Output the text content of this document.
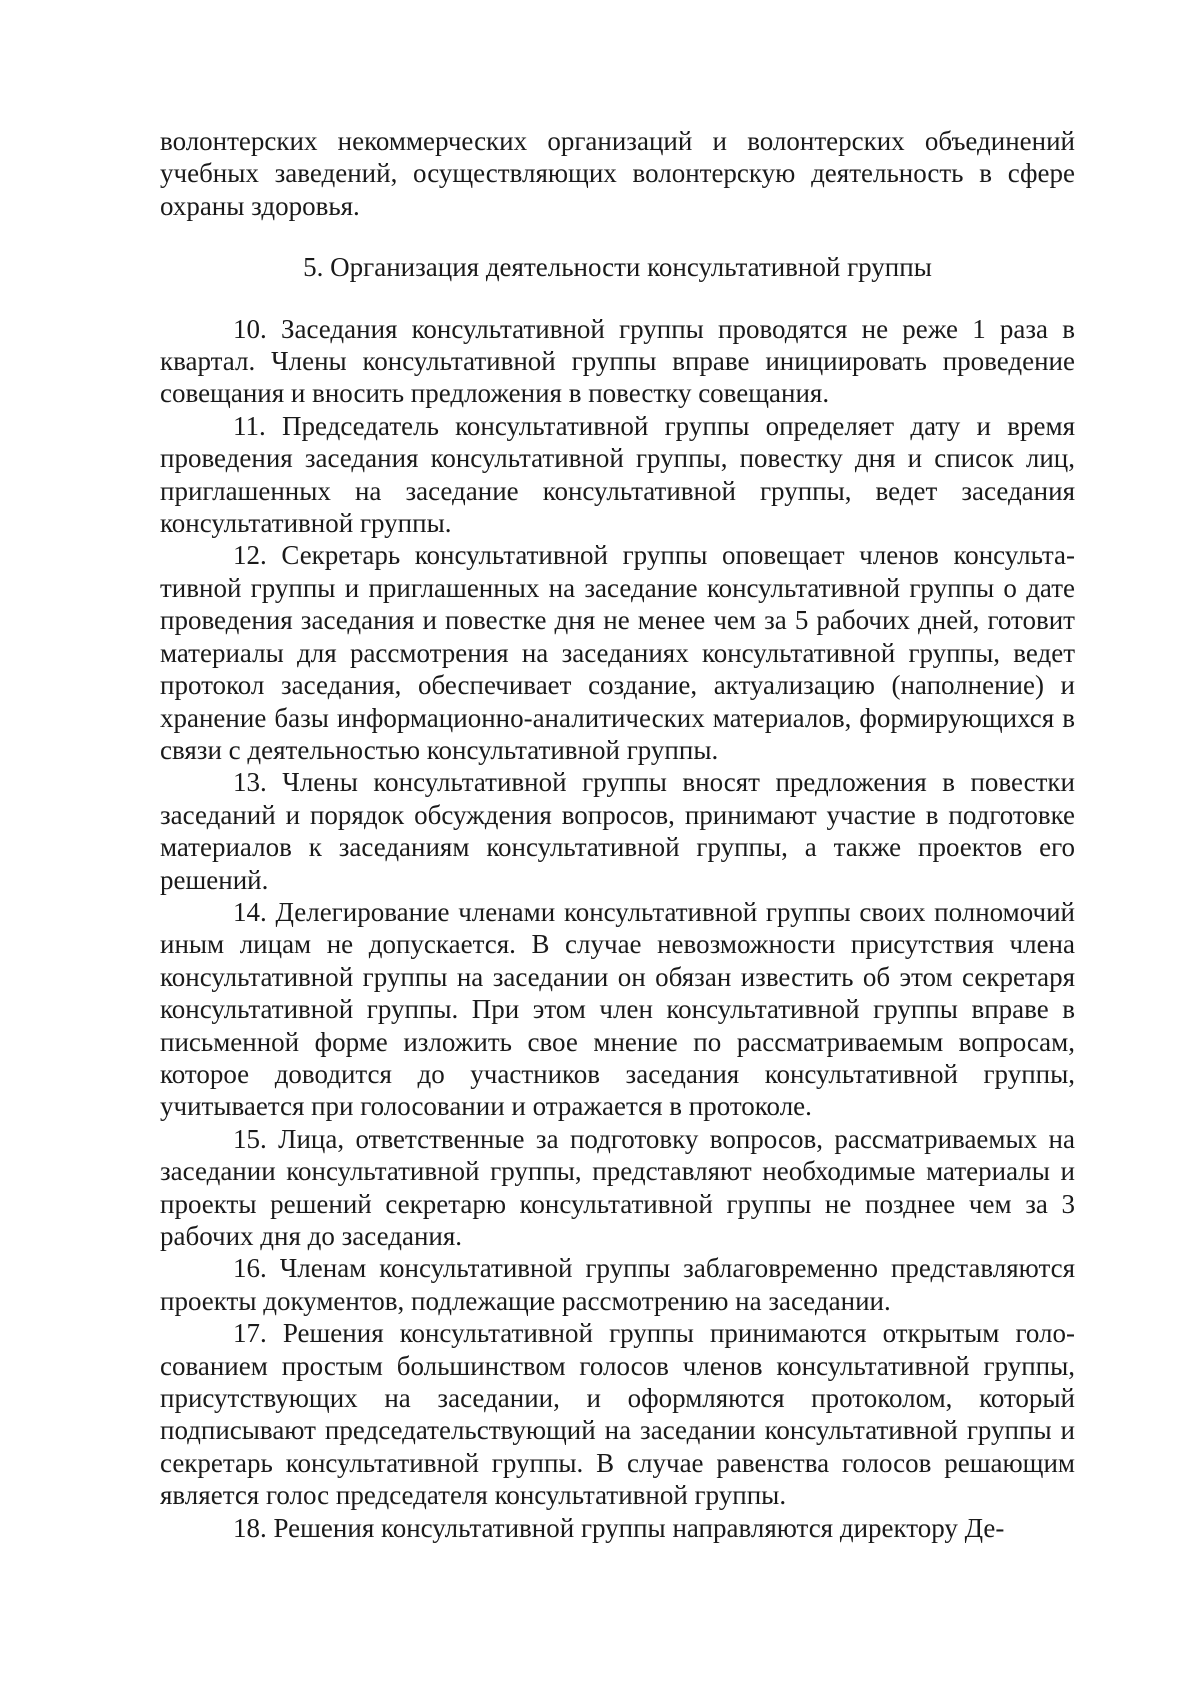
волонтерских некоммерческих организаций и волонтерских объединений учебных заведений, осуществляющих волонтерскую деятельность в сфере охраны здоровья.

5. Организация деятельности консультативной группы

10. Заседания консультативной группы проводятся не реже 1 раза в квартал. Члены консультативной группы вправе инициировать проведение совещания и вносить предложения в повестку совещания.

11. Председатель консультативной группы определяет дату и время проведения заседания консультативной группы, повестку дня и список лиц, приглашенных на заседание консультативной группы, ведет заседания консультативной группы.

12. Секретарь консультативной группы оповещает членов консультативной группы и приглашенных на заседание консультативной группы о дате проведения заседания и повестке дня не менее чем за 5 рабочих дней, готовит материалы для рассмотрения на заседаниях консультативной группы, ведет протокол заседания, обеспечивает создание, актуализацию (наполнение) и хранение базы информационно-аналитических материалов, формирующихся в связи с деятельностью консультативной группы.

13. Члены консультативной группы вносят предложения в повестки заседаний и порядок обсуждения вопросов, принимают участие в подготовке материалов к заседаниям консультативной группы, а также проектов его решений.

14. Делегирование членами консультативной группы своих полномочий иным лицам не допускается. В случае невозможности присутствия члена консультативной группы на заседании он обязан известить об этом секретаря консультативной группы. При этом член консультативной группы вправе в письменной форме изложить свое мнение по рассматриваемым вопросам, которое доводится до участников заседания консультативной группы, учитывается при голосовании и отражается в протоколе.

15. Лица, ответственные за подготовку вопросов, рассматриваемых на заседании консультативной группы, представляют необходимые материалы и проекты решений секретарю консультативной группы не позднее чем за 3 рабочих дня до заседания.

16. Членам консультативной группы заблаговременно представляются проекты документов, подлежащие рассмотрению на заседании.

17. Решения консультативной группы принимаются открытым голосованием простым большинством голосов членов консультативной группы, присутствующих на заседании, и оформляются протоколом, который подписывают председательствующий на заседании консультативной группы и секретарь консультативной группы. В случае равенства голосов решающим является голос председателя консультативной группы.

18. Решения консультативной группы направляются директору Де-
